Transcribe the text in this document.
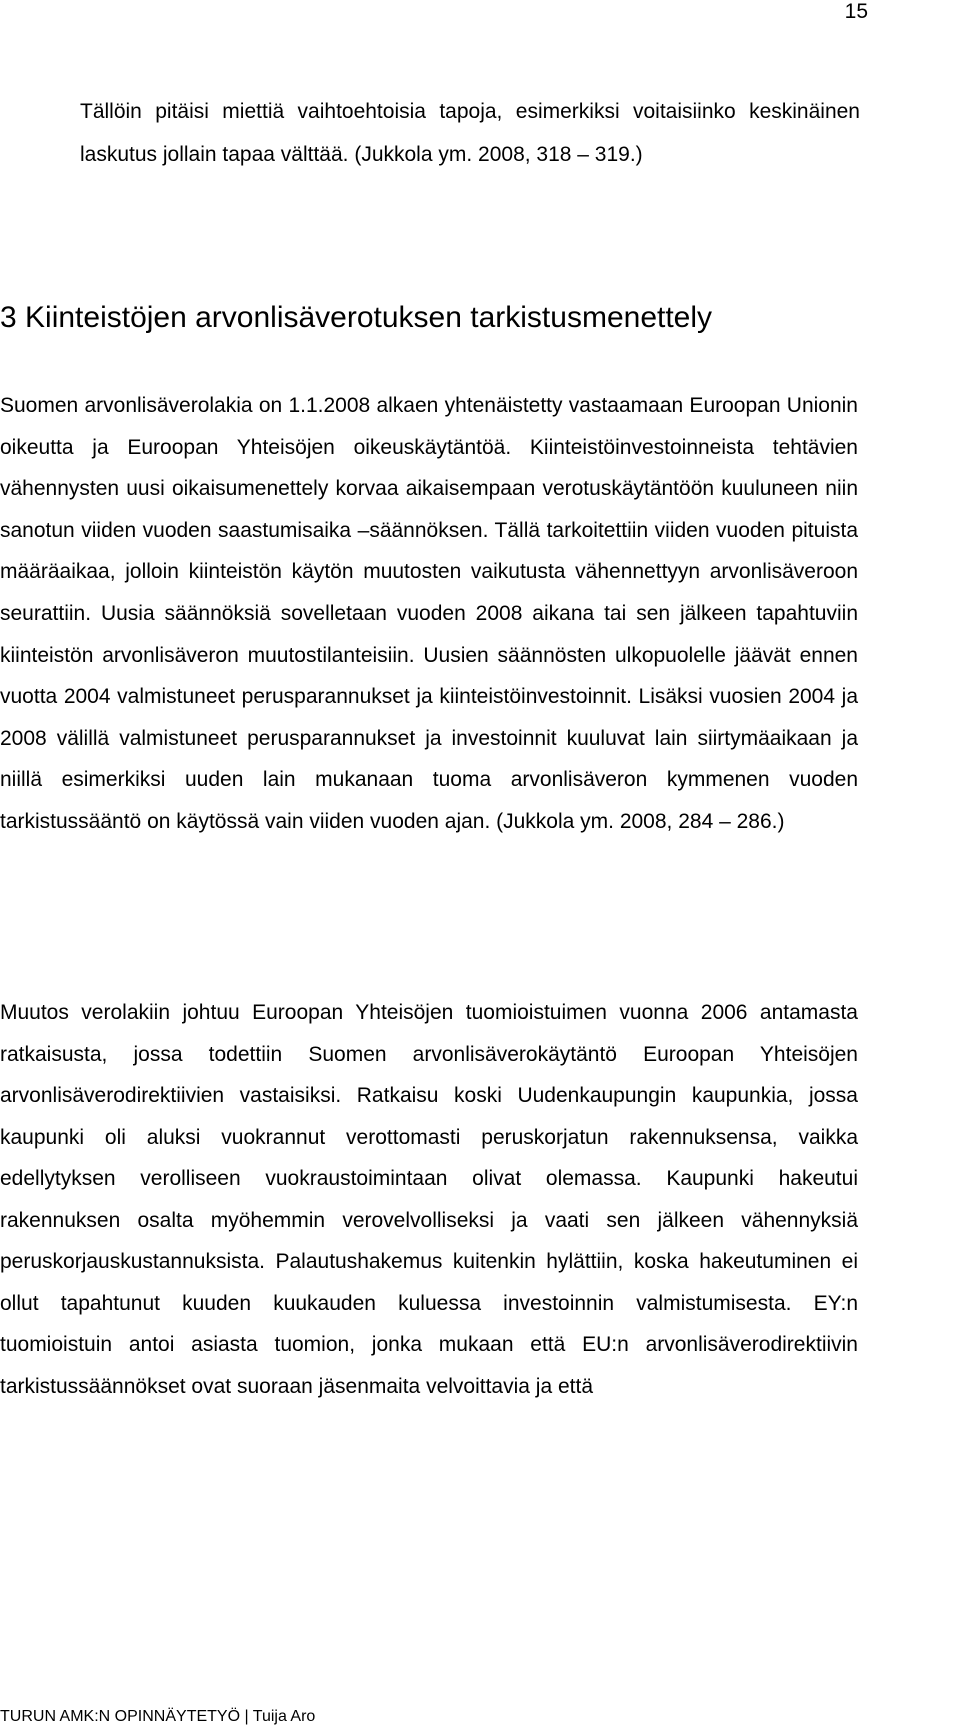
15

Tällöin pitäisi miettiä vaihtoehtoisia tapoja, esimerkiksi voitaisiinko keskinäinen laskutus jollain tapaa välttää. (Jukkola ym. 2008, 318 – 319.)

3 Kiinteistöjen arvonlisäverotuksen tarkistusmenettely

Suomen arvonlisäverolakia on 1.1.2008 alkaen yhtenäistetty vastaamaan Euroopan Unionin oikeutta ja Euroopan Yhteisöjen oikeuskäytäntöä. Kiinteistöinvestoinneista tehtävien vähennysten uusi oikaisumenettely korvaa aikaisempaan verotuskäytäntöön kuuluneen niin sanotun viiden vuoden saastumisaika –säännöksen. Tällä tarkoitettiin viiden vuoden pituista määräaikaa, jolloin kiinteistön käytön muutosten vaikutusta vähennettyyn arvonlisäveroon seurattiin. Uusia säännöksiä sovelletaan vuoden 2008 aikana tai sen jälkeen tapahtuviin kiinteistön arvonlisäveron muutostilanteisiin. Uusien säännösten ulkopuolelle jäävät ennen vuotta 2004 valmistuneet perusparannukset ja kiinteistöinvestoinnit. Lisäksi vuosien 2004 ja 2008 välillä valmistuneet perusparannukset ja investoinnit kuuluvat lain siirtymäaikaan ja niillä esimerkiksi uuden lain mukanaan tuoma arvonlisäveron kymmenen vuoden tarkistussääntö on käytössä vain viiden vuoden ajan. (Jukkola ym. 2008, 284 – 286.)

Muutos verolakiin johtuu Euroopan Yhteisöjen tuomioistuimen vuonna 2006 antamasta ratkaisusta, jossa todettiin Suomen arvonlisäverokäytäntö Euroopan Yhteisöjen arvonlisäverodirektiivien vastaisiksi. Ratkaisu koski Uudenkaupungin kaupunkia, jossa kaupunki oli aluksi vuokrannut verottomasti peruskorjatun rakennuksensa, vaikka edellytyksen verolliseen vuokraustoimintaan olivat olemassa. Kaupunki hakeutui rakennuksen osalta myöhemmin verovelvolliseksi ja vaati sen jälkeen vähennyksiä peruskorjauskustannuksista. Palautushakemus kuitenkin hylättiin, koska hakeutuminen ei ollut tapahtunut kuuden kuukauden kuluessa investoinnin valmistumisesta. EY:n tuomioistuin antoi asiasta tuomion, jonka mukaan että EU:n arvonlisäverodirektiivin tarkistussäännökset ovat suoraan jäsenmaita velvoittavia ja että

TURUN AMK:N OPINNÄYTETYÖ | Tuija Aro
